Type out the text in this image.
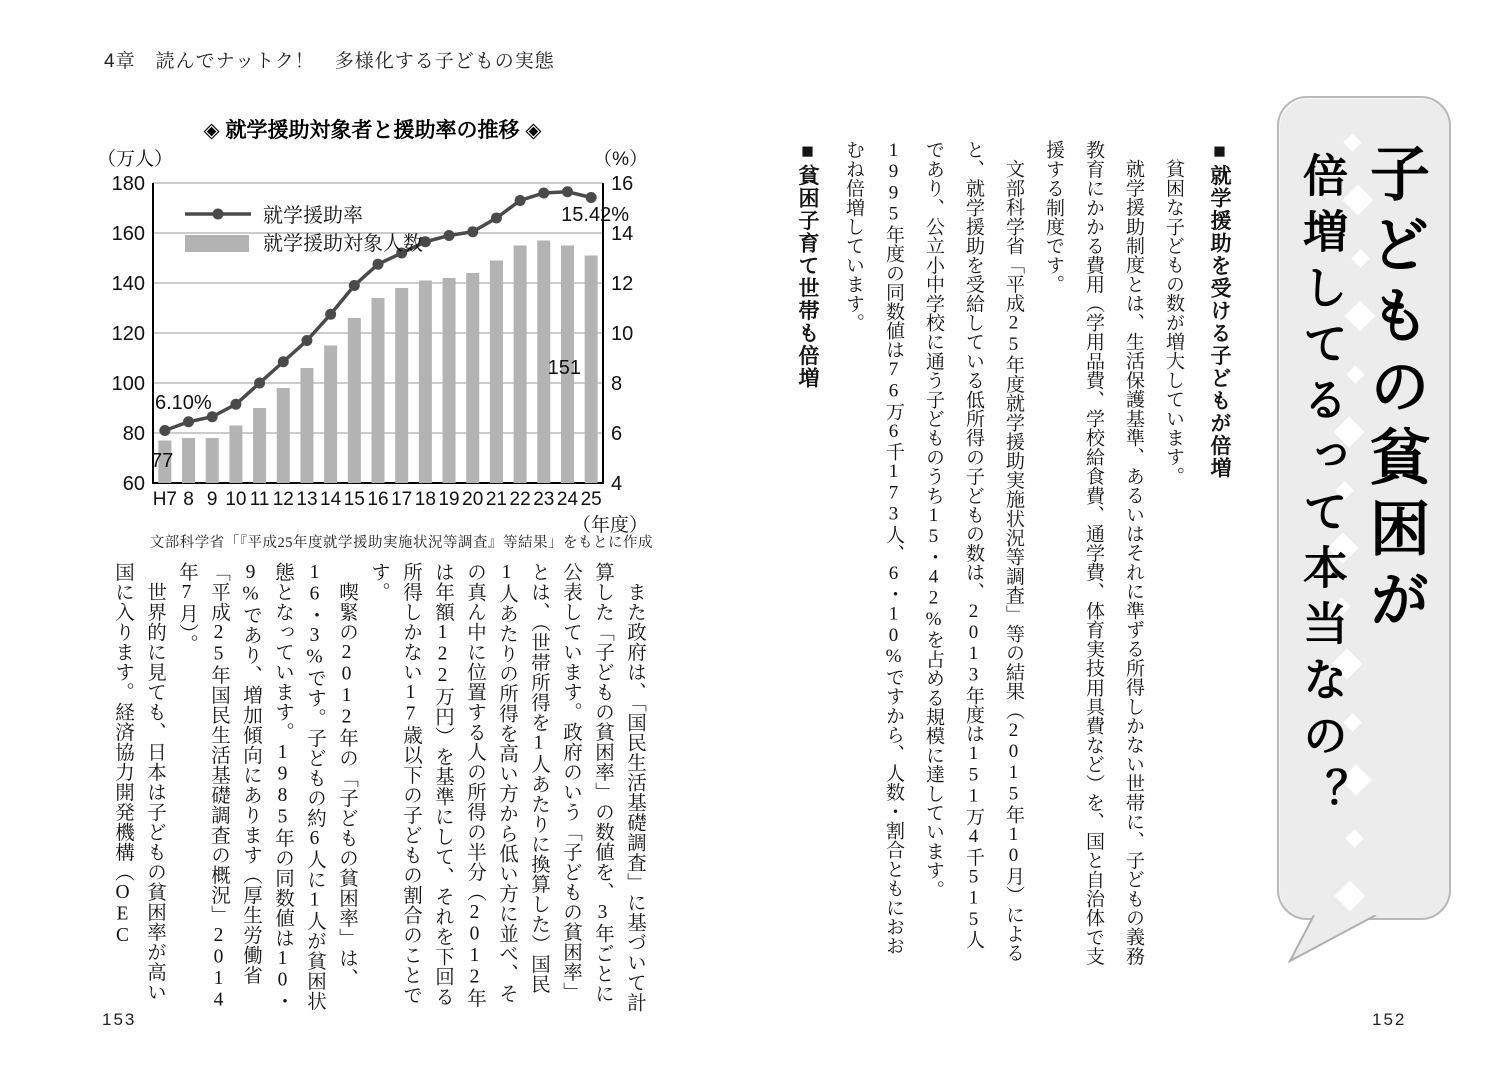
4章　読んでナットク！　多様化する子どもの実態
◈ 就学援助対象者と援助率の推移 ◈
60
80
100
120
140
160
180
4
6
8
10
12
14
16
（万人）	（%）
H7 8 9 10 11 12 13 14 15 16 17 18 19 20 21 22 23 24 25
（年度）
就学援助率
就学援助対象人数
6.10%
77
15.42%
151
文部科学省「『平成25年度就学援助実施状況等調査』等結果」をもとに作成

また政府は、「国民生活基礎調査」に基づいて計算した「子どもの貧困率」の数値を、3年ごとに公表しています。政府のいう「子どもの貧困率」とは、（世帯所得を1人あたりに換算した）国民1人あたりの所得を高い方から低い方に並べ、その真ん中に位置する人の所得の半分（2012年は年額122万円）を基準にして、それを下回る所得しかない17歳以下の子どもの割合のことです。

喫緊の2012年の「子どもの貧困率」は、16・3%です。子どもの約6人に1人が貧困状態となっています。1985年の同数値は10・9%であり、増加傾向にあります（厚生労働省「平成25年国民生活基礎調査の概況」2014年7月）。

世界的に見ても、日本は子どもの貧困率が高い国に入ります。経済協力開発機構（OEC

153
■就学援助を受ける子どもが倍増

貧困な子どもの数が増大しています。

就学援助制度とは、生活保護基準、あるいはそれに準ずる所得しかない世帯に、子どもの義務教育にかかる費用（学用品費、学校給食費、通学費、体育実技用具費など）を、国と自治体で支援する制度です。

文部科学省「平成25年度就学援助実施状況等調査」等の結果（2015年10月）によると、就学援助を受給している低所得の子どもの数は、2013年度は151万4千515人であり、公立小中学校に通う子どものうち15・42%を占める規模に達しています。1995年度の同数値は76万6千173人、6・10%ですから、人数・割合ともにおおむね倍増しています。

■貧困子育て世帯も倍増	子どもの貧困が
倍増してるって本当なの？
152
